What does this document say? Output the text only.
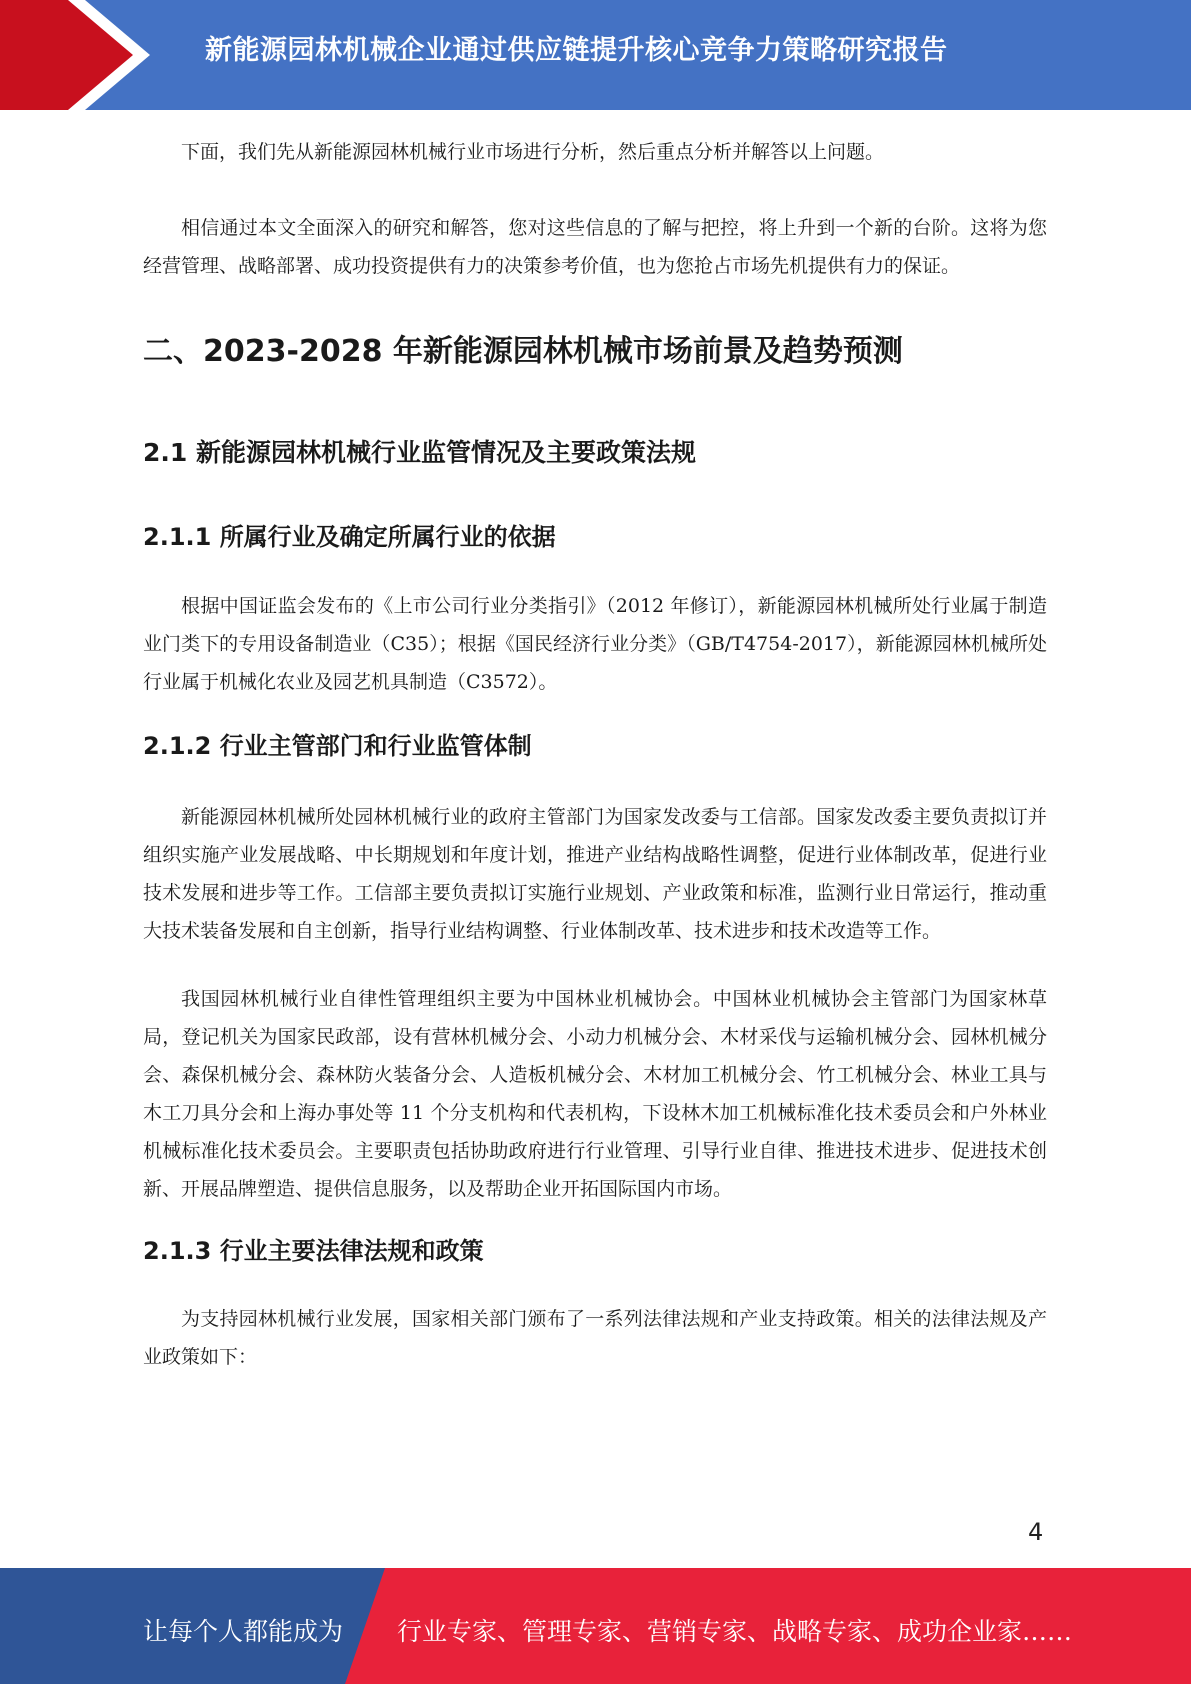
新能源园林机械企业通过供应链提升核心竞争力策略研究报告

下面，我们先从新能源园林机械行业市场进行分析，然后重点分析并解答以上问题。

相信通过本文全面深入的研究和解答，您对这些信息的了解与把控，将上升到一个新的台阶。这将为您经营管理、战略部署、成功投资提供有力的决策参考价值，也为您抢占市场先机提供有力的保证。

二、2023-2028 年新能源园林机械市场前景及趋势预测
2.1 新能源园林机械行业监管情况及主要政策法规
2.1.1 所属行业及确定所属行业的依据

根据中国证监会发布的《上市公司行业分类指引》（2012 年修订），新能源园林机械所处行业属于制造业门类下的专用设备制造业（C35）；根据《国民经济行业分类》（GB/T4754-2017），新能源园林机械所处行业属于机械化农业及园艺机具制造（C3572）。

2.1.2 行业主管部门和行业监管体制

新能源园林机械所处园林机械行业的政府主管部门为国家发改委与工信部。国家发改委主要负责拟订并组织实施产业发展战略、中长期规划和年度计划，推进产业结构战略性调整，促进行业体制改革，促进行业技术发展和进步等工作。工信部主要负责拟订实施行业规划、产业政策和标准，监测行业日常运行，推动重大技术装备发展和自主创新，指导行业结构调整、行业体制改革、技术进步和技术改造等工作。

我国园林机械行业自律性管理组织主要为中国林业机械协会。中国林业机械协会主管部门为国家林草局，登记机关为国家民政部，设有营林机械分会、小动力机械分会、木材采伐与运输机械分会、园林机械分会、森保机械分会、森林防火装备分会、人造板机械分会、木材加工机械分会、竹工机械分会、林业工具与木工刀具分会和上海办事处等 11 个分支机构和代表机构，下设林木加工机械标准化技术委员会和户外林业机械标准化技术委员会。主要职责包括协助政府进行行业管理、引导行业自律、推进技术进步、促进技术创新、开展品牌塑造、提供信息服务，以及帮助企业开拓国际国内市场。

2.1.3 行业主要法律法规和政策

为支持园林机械行业发展，国家相关部门颁布了一系列法律法规和产业支持政策。相关的法律法规及产业政策如下：

4
让每个人都能成为 行业专家、管理专家、营销专家、战略专家、成功企业家……
